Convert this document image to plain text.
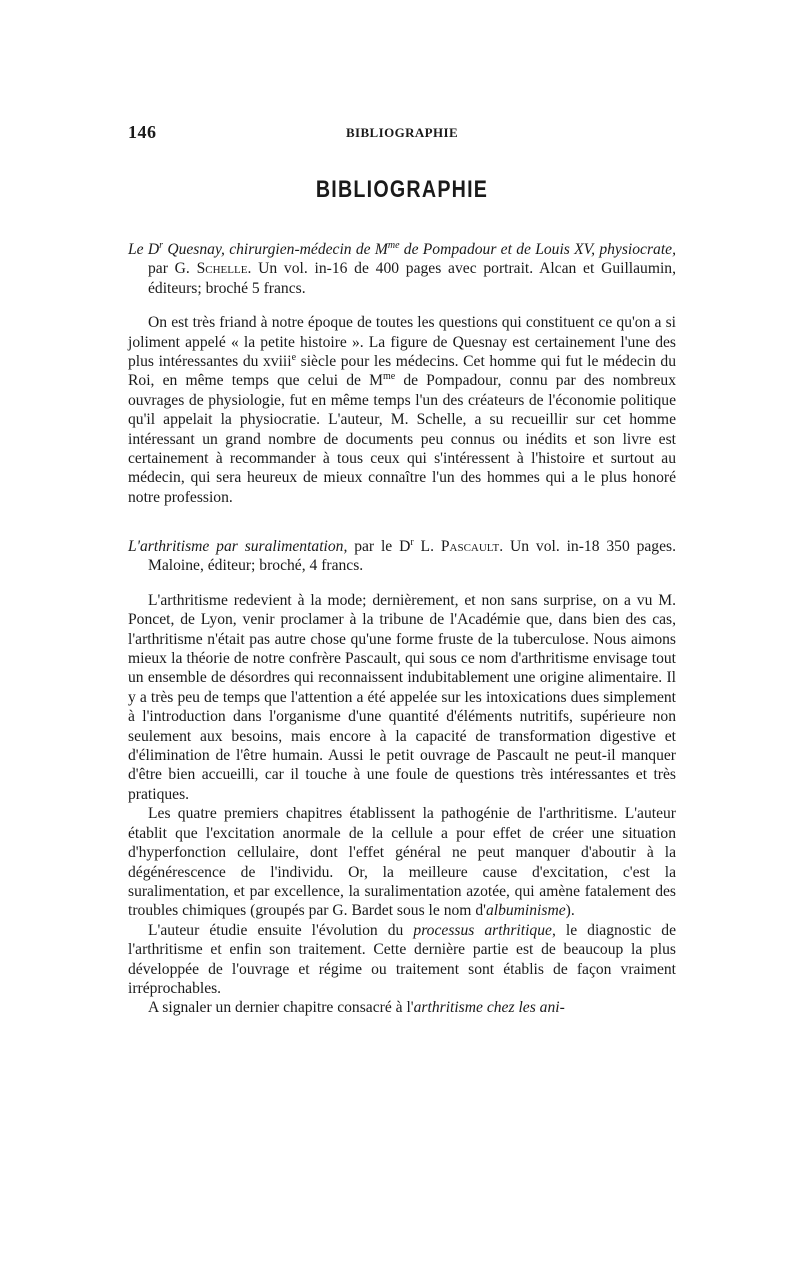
146	BIBLIOGRAPHIE
BIBLIOGRAPHIE

Le $D^r$ Quesnay, chirurgien-médecin de $M^{me}$ de Pompadour et de Louis XV, physiocrate, par G. Schelle. Un vol. in-16 de 400 pages avec portrait. Alcan et Guillaumin, éditeurs; broché 5 francs.

On est très friand à notre époque de toutes les questions qui constituent ce qu'on a si joliment appelé « la petite histoire ». La figure de Quesnay est certainement l'une des plus intéressantes du xviii$^e$ siècle pour les médecins. Cet homme qui fut le médecin du Roi, en même temps que celui de $M^{me}$ de Pompadour, connu par des nombreux ouvrages de physiologie, fut en même temps l'un des créateurs de l'économie politique qu'il appelait la physiocratie. L'auteur, M. Schelle, a su recueillir sur cet homme intéressant un grand nombre de documents peu connus ou inédits et son livre est certainement à recommander à tous ceux qui s'intéressent à l'histoire et surtout au médecin, qui sera heureux de mieux connaître l'un des hommes qui a le plus honoré notre profession.

L'arthritisme par suralimentation, par le $D^r$ L. Pascault. Un vol. in-18 350 pages. Maloine, éditeur; broché, 4 francs.

L'arthritisme redevient à la mode; dernièrement, et non sans surprise, on a vu M. Poncet, de Lyon, venir proclamer à la tribune de l'Académie que, dans bien des cas, l'arthritisme n'était pas autre chose qu'une forme fruste de la tuberculose. Nous aimons mieux la théorie de notre confrère Pascault, qui sous ce nom d'arthritisme envisage tout un ensemble de désordres qui reconnaissent indubitablement une origine alimentaire. Il y a très peu de temps que l'attention a été appelée sur les intoxications dues simplement à l'introduction dans l'organisme d'une quantité d'éléments nutritifs, supérieure non seulement aux besoins, mais encore à la capacité de transformation digestive et d'élimination de l'être humain. Aussi le petit ouvrage de Pascault ne peut-il manquer d'être bien accueilli, car il touche à une foule de questions très intéressantes et très pratiques.

Les quatre premiers chapitres établissent la pathogénie de l'arthritisme. L'auteur établit que l'excitation anormale de la cellule a pour effet de créer une situation d'hyperfonction cellulaire, dont l'effet général ne peut manquer d'aboutir à la dégénérescence de l'individu. Or, la meilleure cause d'excitation, c'est la suralimentation, et par excellence, la suralimentation azotée, qui amène fatalement des troubles chimiques (groupés par G. Bardet sous le nom d'albuminisme).

L'auteur étudie ensuite l'évolution du processus arthritique, le diagnostic de l'arthritisme et enfin son traitement. Cette dernière partie est de beaucoup la plus développée de l'ouvrage et régime ou traitement sont établis de façon vraiment irréprochables.

A signaler un dernier chapitre consacré à l'arthritisme chez les ani-
